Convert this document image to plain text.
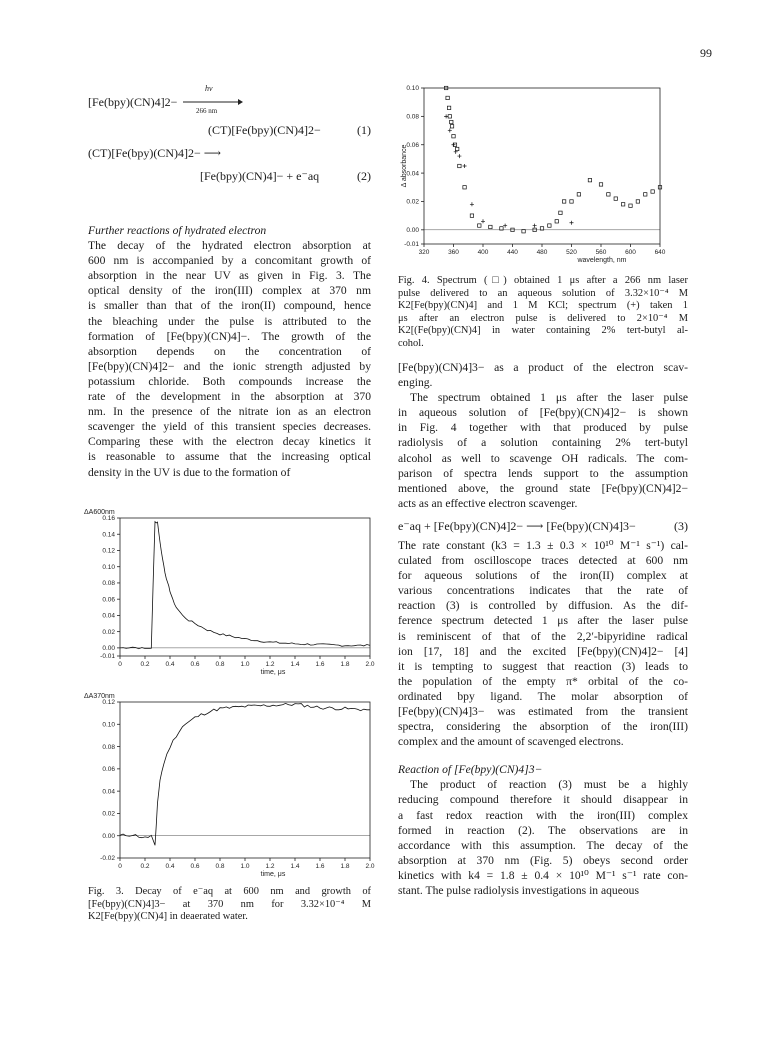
99
[Fe(bpy)(CN)4]2−
hν
266 nm
(CT)[Fe(bpy)(CN)4]2−	(1)
(CT)[Fe(bpy)(CN)4]2− ⟶
[Fe(bpy)(CN)4]− + e⁻aq	(2)
Further reactions of hydrated electron
The decay of the hydrated electron absorption at
600 nm is accompanied by a concomitant growth of
absorption in the near UV as given in Fig. 3. The
optical density of the iron(III) complex at 370 nm
is smaller than that of the iron(II) compound, hence
the bleaching under the pulse is attributed to the
formation of [Fe(bpy)(CN)4]−. The growth of the
absorption depends on the concentration of
[Fe(bpy)(CN)4]2− and the ionic strength adjusted by
potassium chloride. Both compounds increase the
rate of the development in the absorption at 370
nm. In the presence of the nitrate ion as an electron
scavenger the yield of this transient species decreases.
Comparing these with the electron decay kinetics it
is reasonable to assume that the increasing optical
density in the UV is due to the formation of
0.16
0.14
0.12
0.10
0.08
0.06
0.04
0.02
0.00
-0.01
0	0.2 0.4 0.6 0.8 1.0 1.2 1.4 1.6 1.8 2.0
time, μs
ΔA600nm
0.12
0.10
0.08
0.06
0.04
0.02
0.00
-0.02
0	0.2 0.4 0.6 0.8 1.0 1.2 1.4 1.6 1.8 2.0
time, μs
ΔA370nm
Fig. 3. Decay of e⁻aq at 600 nm and growth of
[Fe(bpy)(CN)4]3− at 370 nm for 3.32×10⁻⁴ M
K2[Fe(bpy)(CN)4] in deaerated water.
0.10
0.08
0.06
0.04
0.02
0.00
-0.01
320	360	400	440	480	520	560	600	640
wavelength, nm
Δ absorbance
Fig. 4. Spectrum (□) obtained 1 μs after a 266 nm laser
pulse delivered to an aqueous solution of 3.32×10⁻⁴ M
K2[Fe(bpy)(CN)4] and 1 M KCl; spectrum (+) taken 1
μs after an electron pulse is delivered to 2×10⁻⁴ M
K2[(Fe(bpy)(CN)4] in water containing 2% tert-butyl al-
cohol.
[Fe(bpy)(CN)4]3− as a product of the electron scav-
enging.
The spectrum obtained 1 μs after the laser pulse
in aqueous solution of [Fe(bpy)(CN)4]2− is shown
in Fig. 4 together with that produced by pulse
radiolysis of a solution containing 2% tert-butyl
alcohol as well to scavenge OH radicals. The com-
parison of spectra lends support to the assumption
mentioned above, the ground state [Fe(bpy)(CN)4]2−
acts as an effective electron scavenger.
e⁻aq + [Fe(bpy)(CN)4]2− ⟶ [Fe(bpy)(CN)4]3−	(3)
The rate constant (k3 = 1.3 ± 0.3 × 10¹⁰ M⁻¹ s⁻¹) cal-
culated from oscilloscope traces detected at 600 nm
for aqueous solutions of the iron(II) complex at
various concentrations indicates that the rate of
reaction (3) is controlled by diffusion. As the dif-
ference spectrum detected 1 μs after the laser pulse
is reminiscent of that of the 2,2′-bipyridine radical
ion [17, 18] and the excited [Fe(bpy)(CN)4]2− [4]
it is tempting to suggest that reaction (3) leads to
the population of the empty π* orbital of the co-
ordinated bpy ligand. The molar absorption of
[Fe(bpy)(CN)4]3− was estimated from the transient
spectra, considering the absorption of the iron(III)
complex and the amount of scavenged electrons.
Reaction of [Fe(bpy)(CN)4]3−
The product of reaction (3) must be a highly
reducing compound therefore it should disappear in
a fast redox reaction with the iron(III) complex
formed in reaction (2). The observations are in
accordance with this assumption. The decay of the
absorption at 370 nm (Fig. 5) obeys second order
kinetics with k4 = 1.8 ± 0.4 × 10¹⁰ M⁻¹ s⁻¹ rate con-
stant. The pulse radiolysis investigations in aqueous
